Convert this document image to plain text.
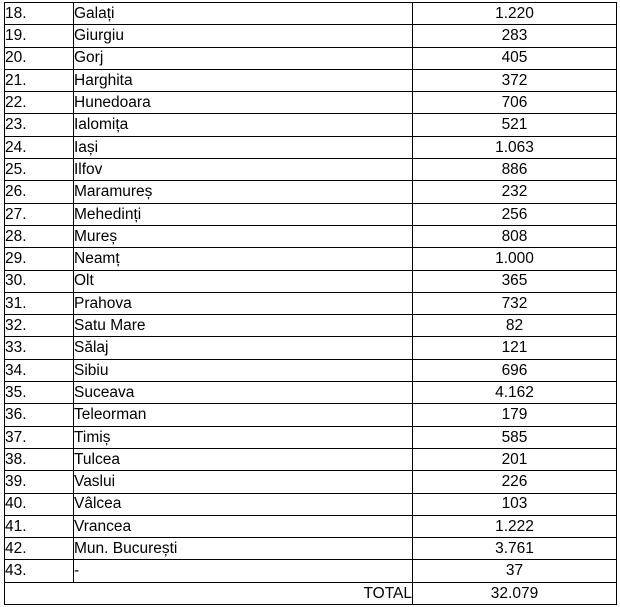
18.	Galați	1.220
19.	Giurgiu	283
20.	Gorj	405
21.	Harghita	372
22.	Hunedoara	706
23.	Ialomița	521
24.	Iași	1.063
25.	Ilfov	886
26.	Maramureș	232
27.	Mehedinți	256
28.	Mureș	808
29.	Neamț	1.000
30.	Olt	365
31.	Prahova	732
32.	Satu Mare	82
33.	Sălaj	121
34.	Sibiu	696
35.	Suceava	4.162
36.	Teleorman	179
37.	Timiș	585
38.	Tulcea	201
39.	Vaslui	226
40.	Vâlcea	103
41.	Vrancea	1.222
42.	Mun. București	3.761
43.	-	37
TOTAL		32.079
